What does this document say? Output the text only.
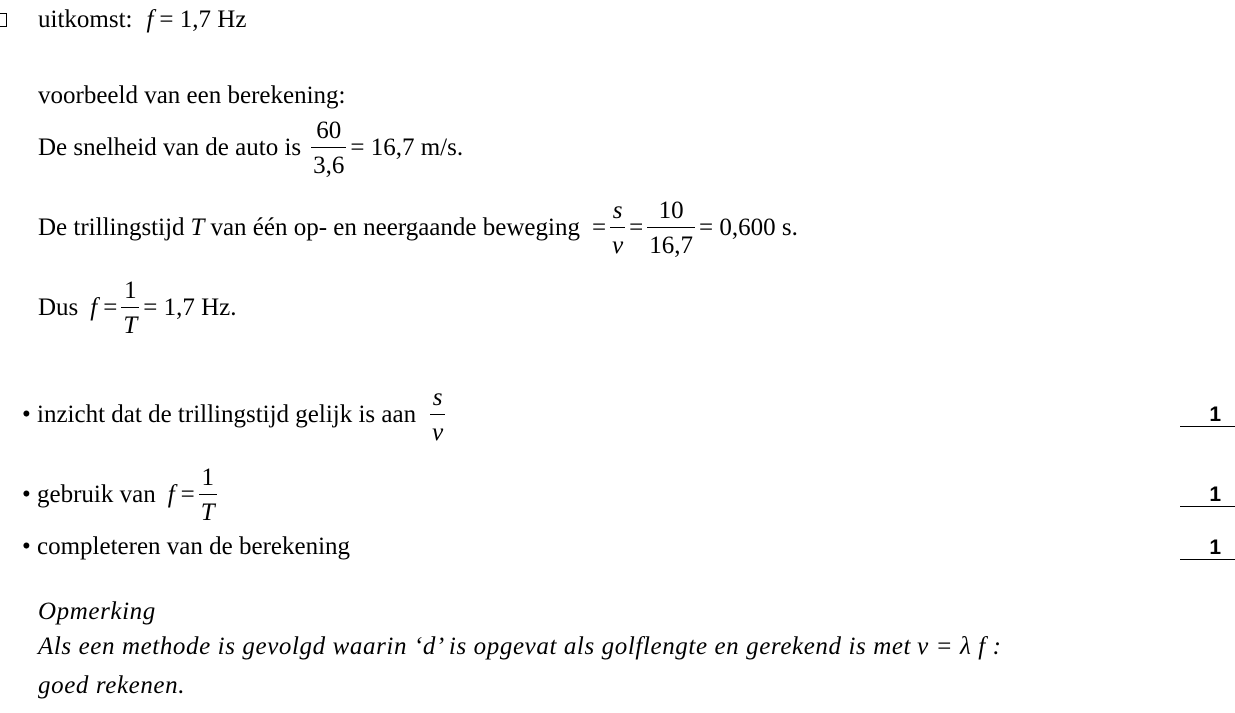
uitkomst: f = 1,7 Hz
voorbeeld van een berekening:
De snelheid van de auto is $\frac{60}{3,6} = 16,7$ m/s.
De trillingstijd T van één op- en neergaande beweging = $\frac{s}{v} = \frac{10}{16,7} = 0,600$ s.
Dus $f = \frac{1}{T} = 1,7$ Hz.
• inzicht dat de trillingstijd gelijk is aan $\frac{s}{v}$	1
• gebruik van $f = \frac{1}{T}$	1
• completeren van de berekening	1
Opmerking
Als een methode is gevolgd waarin ‘d’ is opgevat als golflengte en gerekend is met v = λ f :
goed rekenen.
